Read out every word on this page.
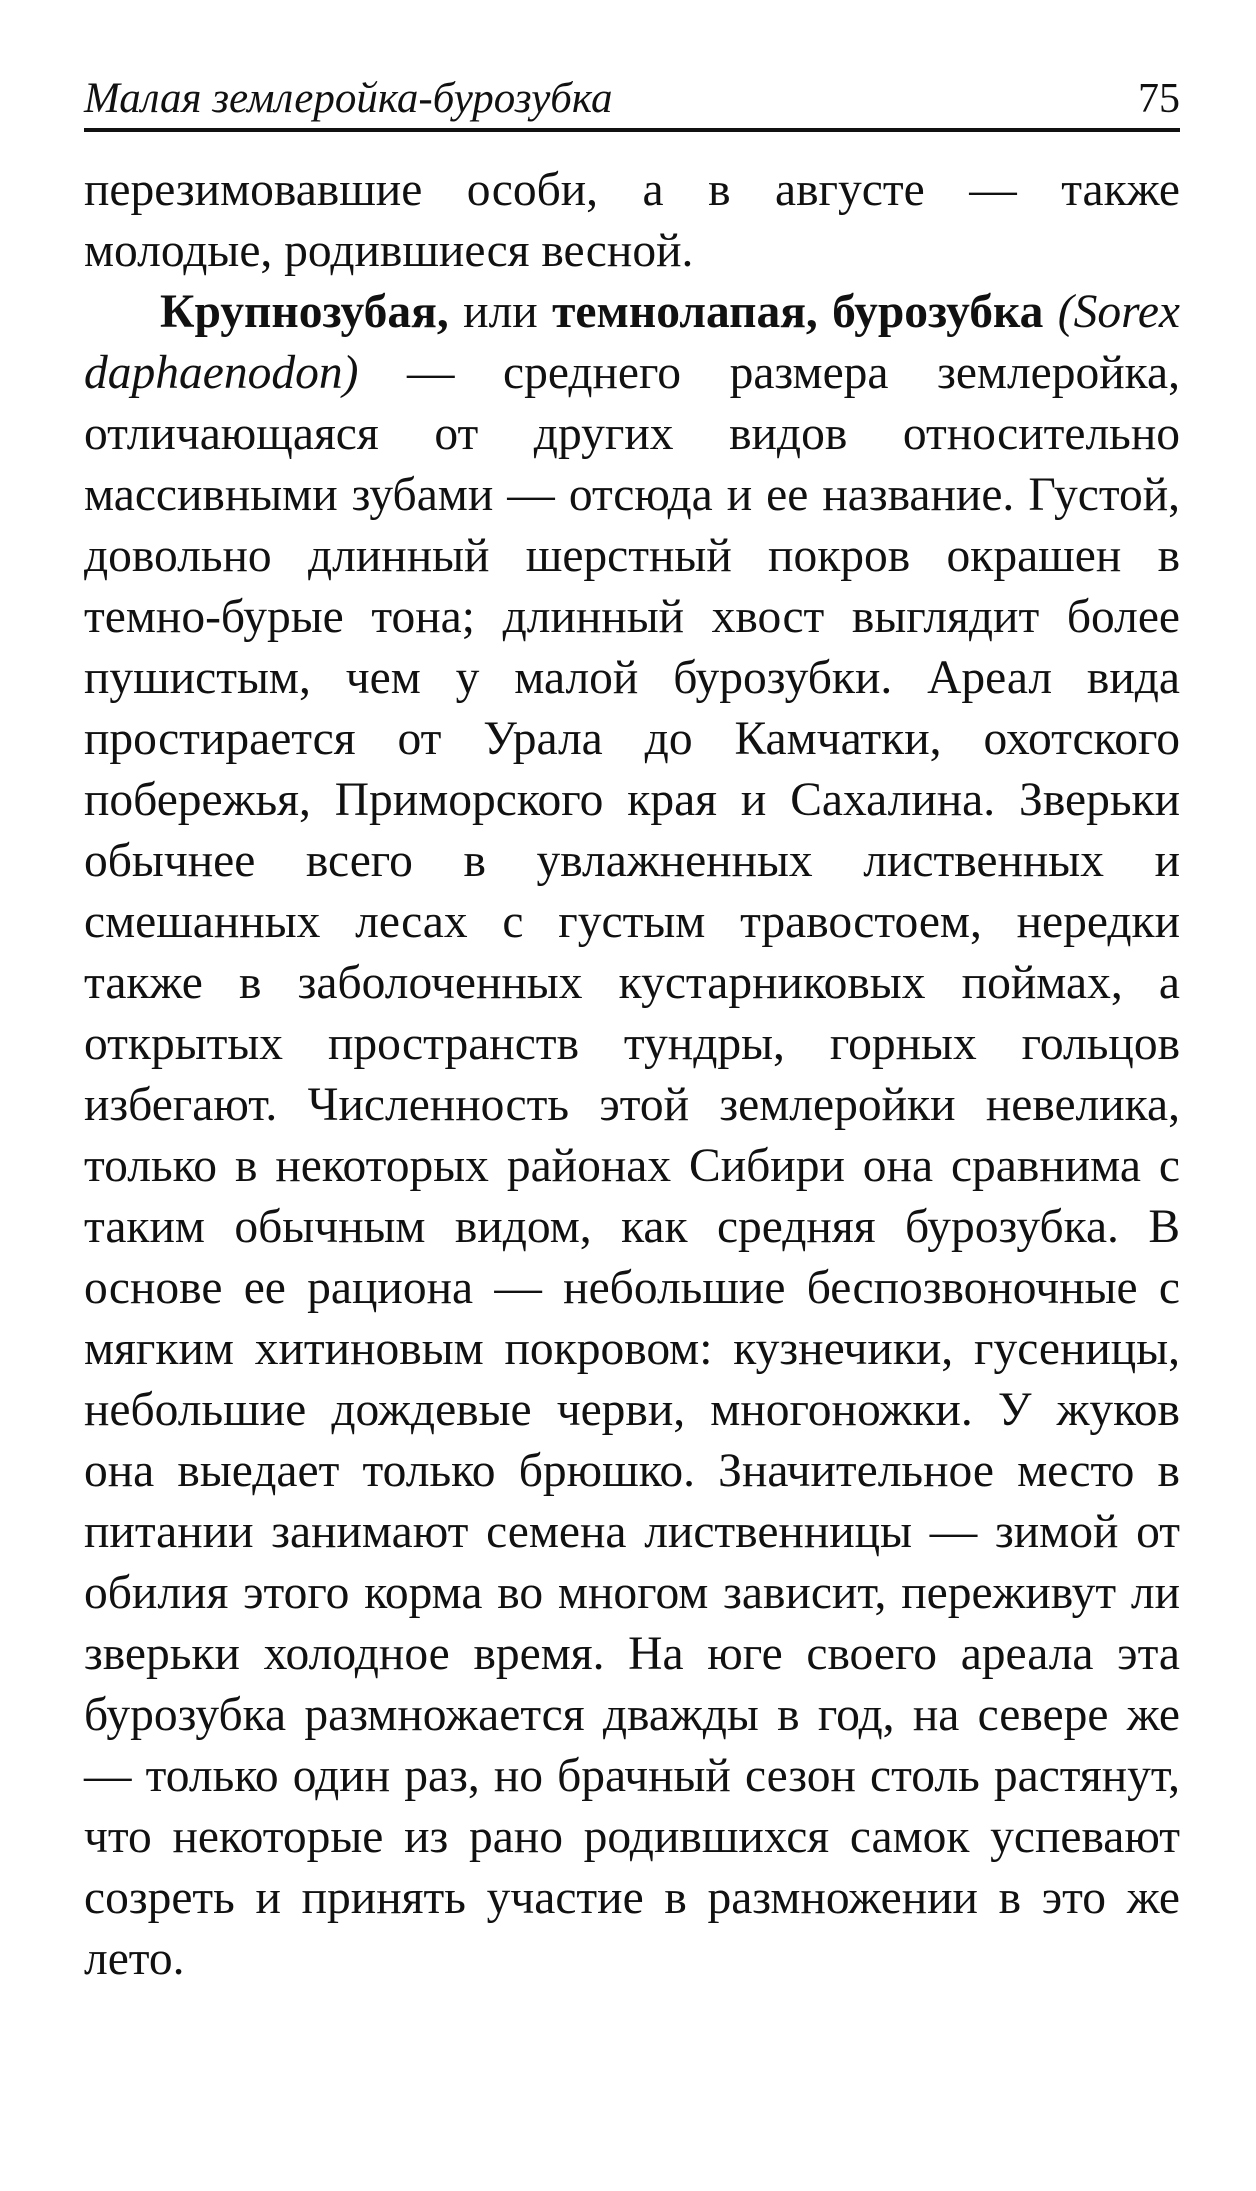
Малая землеройка-бурозубка	75

перезимовавшие особи, а в августе — также молодые, родившиеся весной.

Крупнозубая, или темнолапая, бурозубка (Sorex daphaenodon) — среднего размера землеройка, отличающаяся от других видов относительно массивными зубами — отсюда и ее название. Густой, довольно длинный шерстный покров окрашен в темно-бурые тона; длинный хвост выглядит более пушистым, чем у малой бурозубки. Ареал вида простирается от Урала до Камчатки, охотского побережья, Приморского края и Сахалина. Зверьки обычнее всего в увлажненных лиственных и смешанных лесах с густым травостоем, нередки также в заболоченных кустарниковых поймах, а открытых пространств тундры, горных гольцов избегают. Численность этой землеройки невелика, только в некоторых районах Сибири она сравнима с таким обычным видом, как средняя бурозубка. В основе ее рациона — небольшие беспозвоночные с мягким хитиновым покровом: кузнечики, гусеницы, небольшие дождевые черви, многоножки. У жуков она выедает только брюшко. Значительное место в питании занимают семена лиственницы — зимой от обилия этого корма во многом зависит, переживут ли зверьки холодное время. На юге своего ареала эта бурозубка размножается дважды в год, на севере же — только один раз, но брачный сезон столь растянут, что некоторые из рано родившихся самок успевают созреть и принять участие в размножении в это же лето.
